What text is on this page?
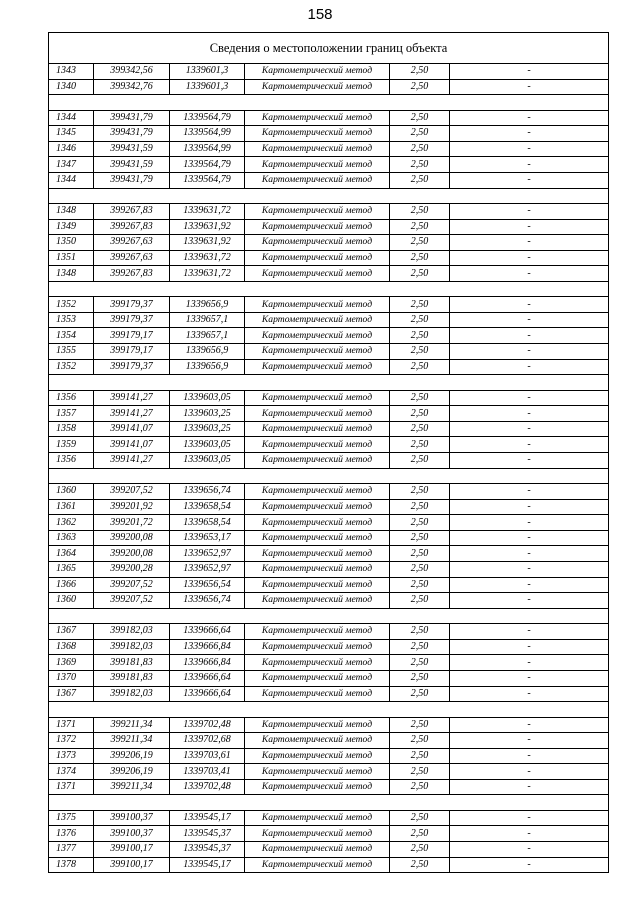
158
Сведения о местоположении границ объекта					
1343	399342,56	1339601,3	Картометрический метод	2,50	-
1340	399342,76	1339601,3	Картометрический метод	2,50	-

1344	399431,79	1339564,79	Картометрический метод	2,50	-
1345	399431,79	1339564,99	Картометрический метод	2,50	-
1346	399431,59	1339564,99	Картометрический метод	2,50	-
1347	399431,59	1339564,79	Картометрический метод	2,50	-
1344	399431,79	1339564,79	Картометрический метод	2,50	-

1348	399267,83	1339631,72	Картометрический метод	2,50	-
1349	399267,83	1339631,92	Картометрический метод	2,50	-
1350	399267,63	1339631,92	Картометрический метод	2,50	-
1351	399267,63	1339631,72	Картометрический метод	2,50	-
1348	399267,83	1339631,72	Картометрический метод	2,50	-

1352	399179,37	1339656,9	Картометрический метод	2,50	-
1353	399179,37	1339657,1	Картометрический метод	2,50	-
1354	399179,17	1339657,1	Картометрический метод	2,50	-
1355	399179,17	1339656,9	Картометрический метод	2,50	-
1352	399179,37	1339656,9	Картометрический метод	2,50	-

1356	399141,27	1339603,05	Картометрический метод	2,50	-
1357	399141,27	1339603,25	Картометрический метод	2,50	-
1358	399141,07	1339603,25	Картометрический метод	2,50	-
1359	399141,07	1339603,05	Картометрический метод	2,50	-
1356	399141,27	1339603,05	Картометрический метод	2,50	-

1360	399207,52	1339656,74	Картометрический метод	2,50	-
1361	399201,92	1339658,54	Картометрический метод	2,50	-
1362	399201,72	1339658,54	Картометрический метод	2,50	-
1363	399200,08	1339653,17	Картометрический метод	2,50	-
1364	399200,08	1339652,97	Картометрический метод	2,50	-
1365	399200,28	1339652,97	Картометрический метод	2,50	-
1366	399207,52	1339656,54	Картометрический метод	2,50	-
1360	399207,52	1339656,74	Картометрический метод	2,50	-

1367	399182,03	1339666,64	Картометрический метод	2,50	-
1368	399182,03	1339666,84	Картометрический метод	2,50	-
1369	399181,83	1339666,84	Картометрический метод	2,50	-
1370	399181,83	1339666,64	Картометрический метод	2,50	-
1367	399182,03	1339666,64	Картометрический метод	2,50	-

1371	399211,34	1339702,48	Картометрический метод	2,50	-
1372	399211,34	1339702,68	Картометрический метод	2,50	-
1373	399206,19	1339703,61	Картометрический метод	2,50	-
1374	399206,19	1339703,41	Картометрический метод	2,50	-
1371	399211,34	1339702,48	Картометрический метод	2,50	-

1375	399100,37	1339545,17	Картометрический метод	2,50	-
1376	399100,37	1339545,37	Картометрический метод	2,50	-
1377	399100,17	1339545,37	Картометрический метод	2,50	-
1378	399100,17	1339545,17	Картометрический метод	2,50	-
